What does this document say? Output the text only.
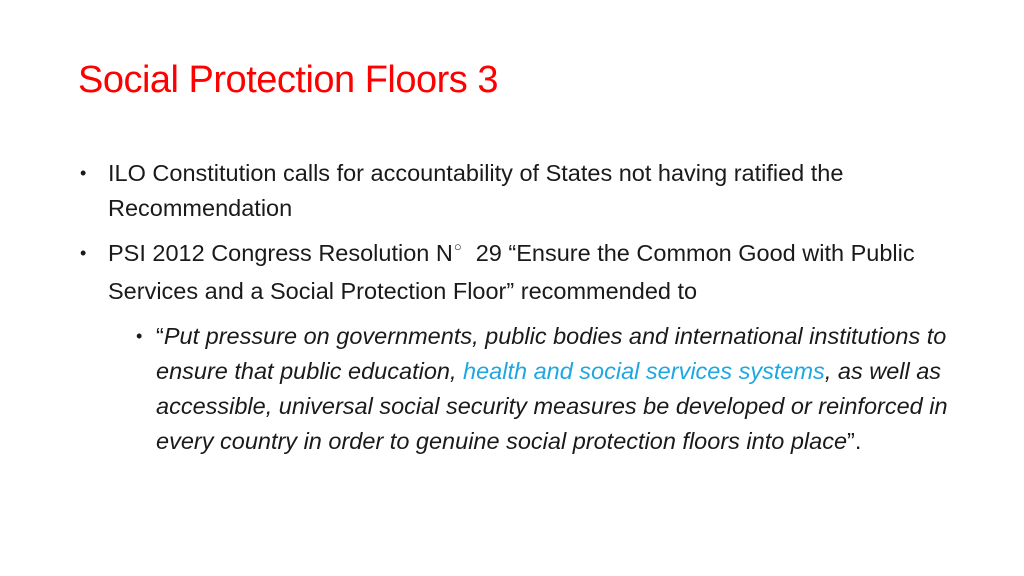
Social Protection Floors 3
• ILO Constitution calls for accountability of States not having ratified the Recommendation
• PSI 2012 Congress Resolution N○ 29 “Ensure the Common Good with Public Services and a Social Protection Floor” recommended to
• “Put pressure on governments, public bodies and international institutions to ensure that public education, health and social services systems, as well as accessible, universal social security measures be developed or reinforced in every country in order to genuine social protection floors into place”.
